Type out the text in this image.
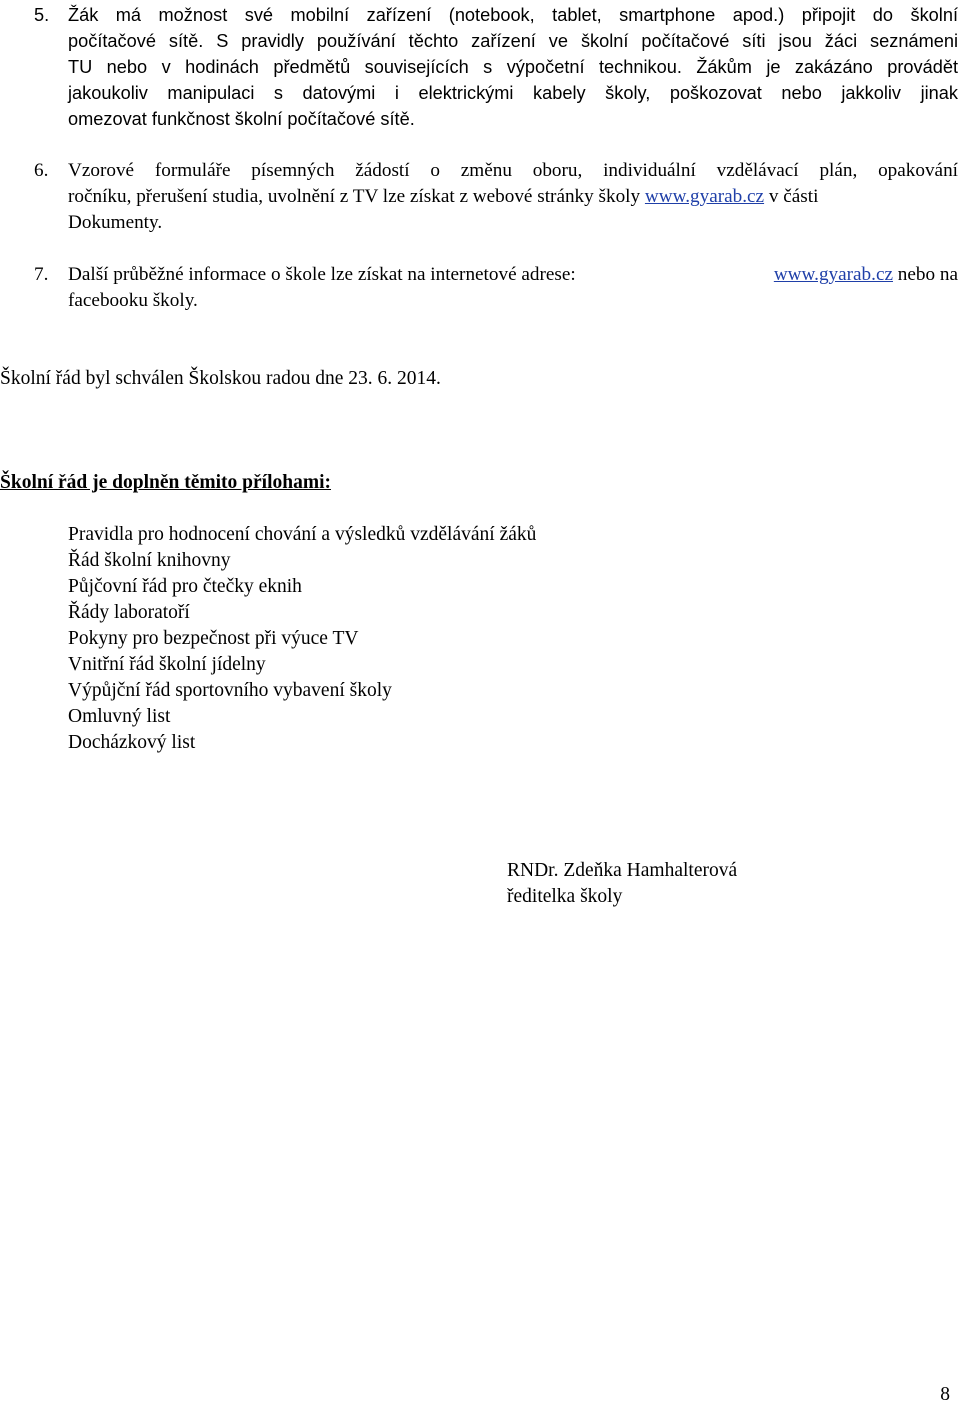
5. Žák má možnost své mobilní zařízení (notebook, tablet, smartphone apod.) připojit do školní
počítačové sítě. S pravidly používání těchto zařízení ve školní počítačové síti jsou žáci seznámeni
TU nebo v hodinách předmětů souvisejících s výpočetní technikou. Žákům je zakázáno provádět
jakoukoliv manipulaci s datovými i elektrickými kabely školy, poškozovat nebo jakkoliv jinak
omezovat funkčnost školní počítačové sítě.
6. Vzorové formuláře písemných žádostí o změnu oboru, individuální vzdělávací plán, opakování
ročníku, přerušení studia, uvolnění z TV lze získat z webové stránky školy www.gyarab.cz v části
Dokumenty.
7. Další průběžné informace o škole lze získat na internetové adrese:	www.gyarab.cz nebo na
facebooku školy.
Školní řád byl schválen Školskou radou dne 23. 6. 2014.
Školní řád je doplněn těmito přílohami:
Pravidla pro hodnocení chování a výsledků vzdělávání žáků
Řád školní knihovny
Půjčovní řád pro čtečky eknih
Řády laboratoří
Pokyny pro bezpečnost při výuce TV
Vnitřní řád školní jídelny
Výpůjční řád sportovního vybavení školy
Omluvný list
Docházkový list
RNDr. Zdeňka Hamhalterová
ředitelka školy
8
